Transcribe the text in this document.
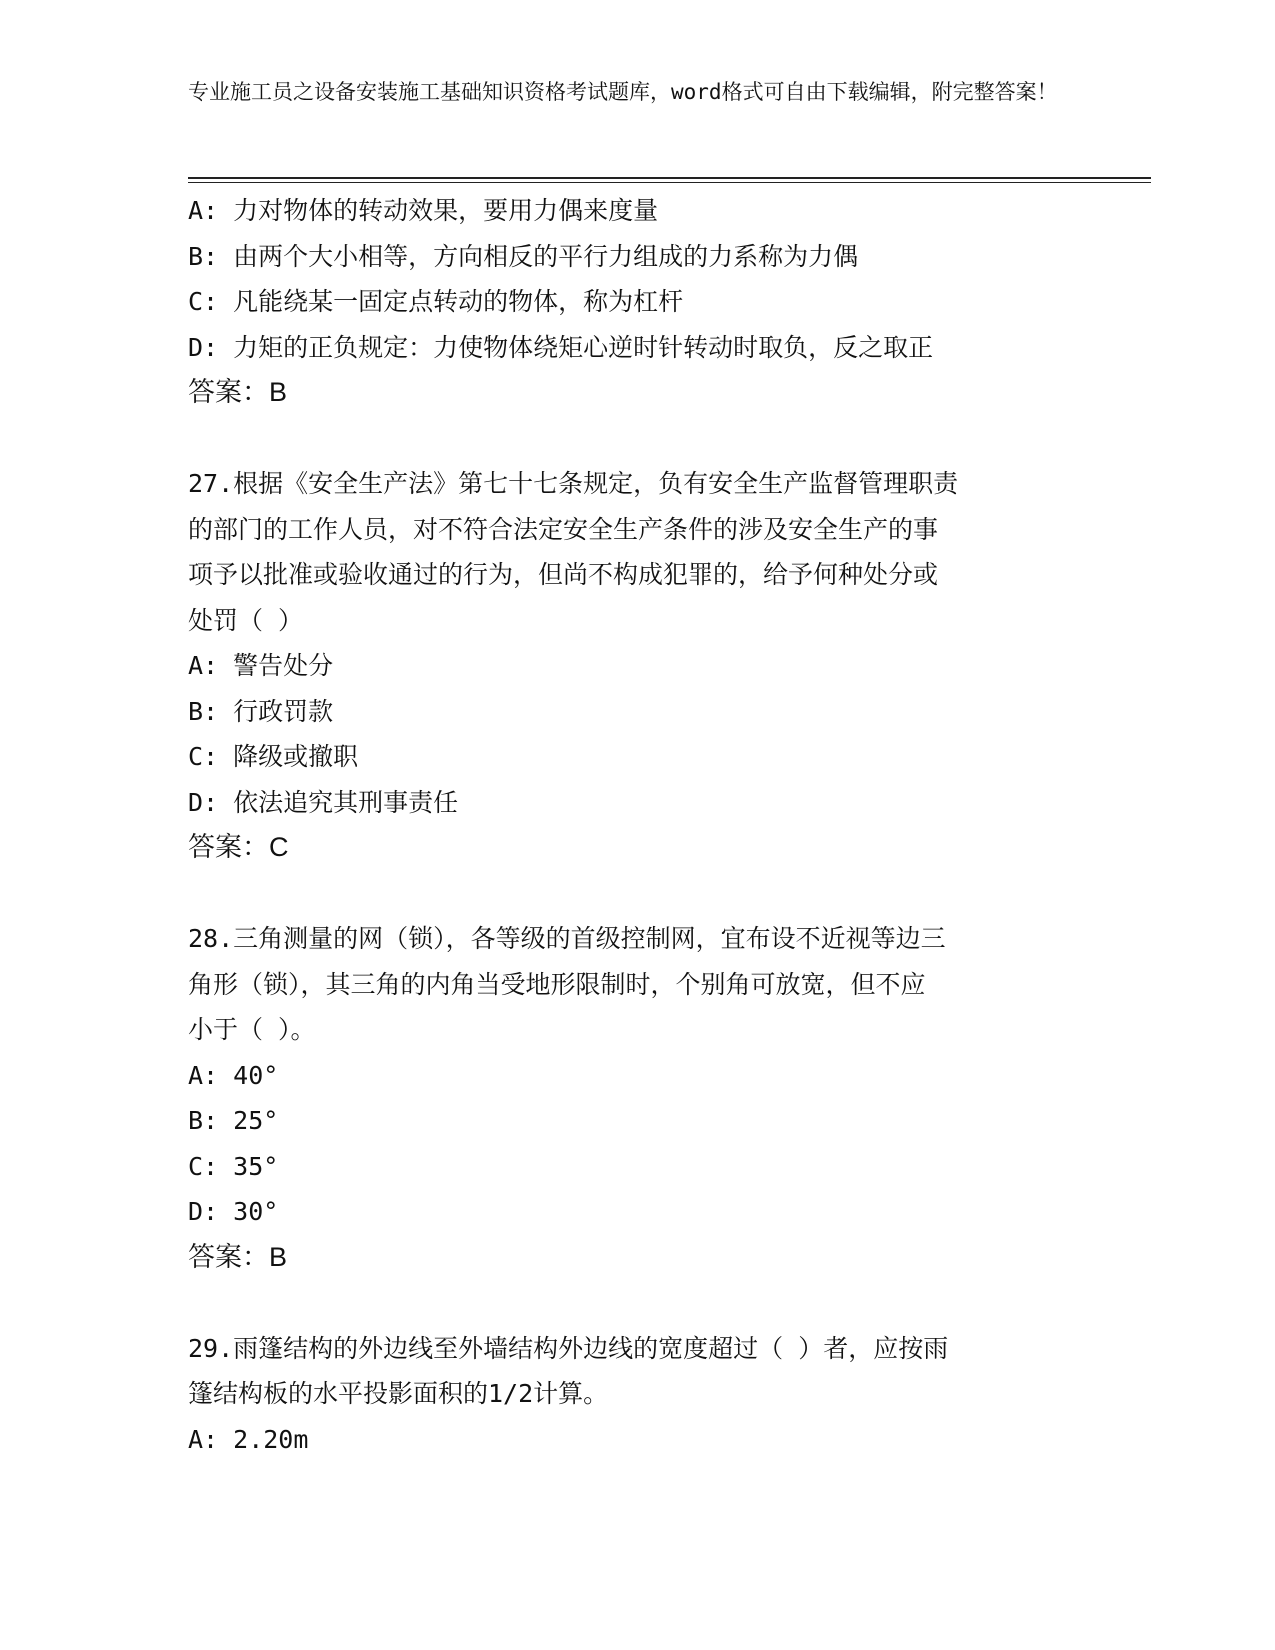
专业施工员之设备安装施工基础知识资格考试题库，word格式可自由下载编辑，附完整答案！
A: 力对物体的转动效果，要用力偶来度量
B: 由两个大小相等，方向相反的平行力组成的力系称为力偶
C: 凡能绕某一固定点转动的物体，称为杠杆
D: 力矩的正负规定：力使物体绕矩心逆时针转动时取负，反之取正
答案：B
27.根据《安全生产法》第七十七条规定，负有安全生产监督管理职责
的部门的工作人员，对不符合法定安全生产条件的涉及安全生产的事
项予以批准或验收通过的行为，但尚不构成犯罪的，给予何种处分或
处罚（ ）
A: 警告处分
B: 行政罚款
C: 降级或撤职
D: 依法追究其刑事责任
答案：C
28.三角测量的网（锁），各等级的首级控制网，宜布设不近视等边三
角形（锁），其三角的内角当受地形限制时，个别角可放宽，但不应
小于（ ）。
A: 40°
B: 25°
C: 35°
D: 30°
答案：B
29.雨篷结构的外边线至外墙结构外边线的宽度超过（ ）者，应按雨
篷结构板的水平投影面积的1/2计算。
A: 2.20m
